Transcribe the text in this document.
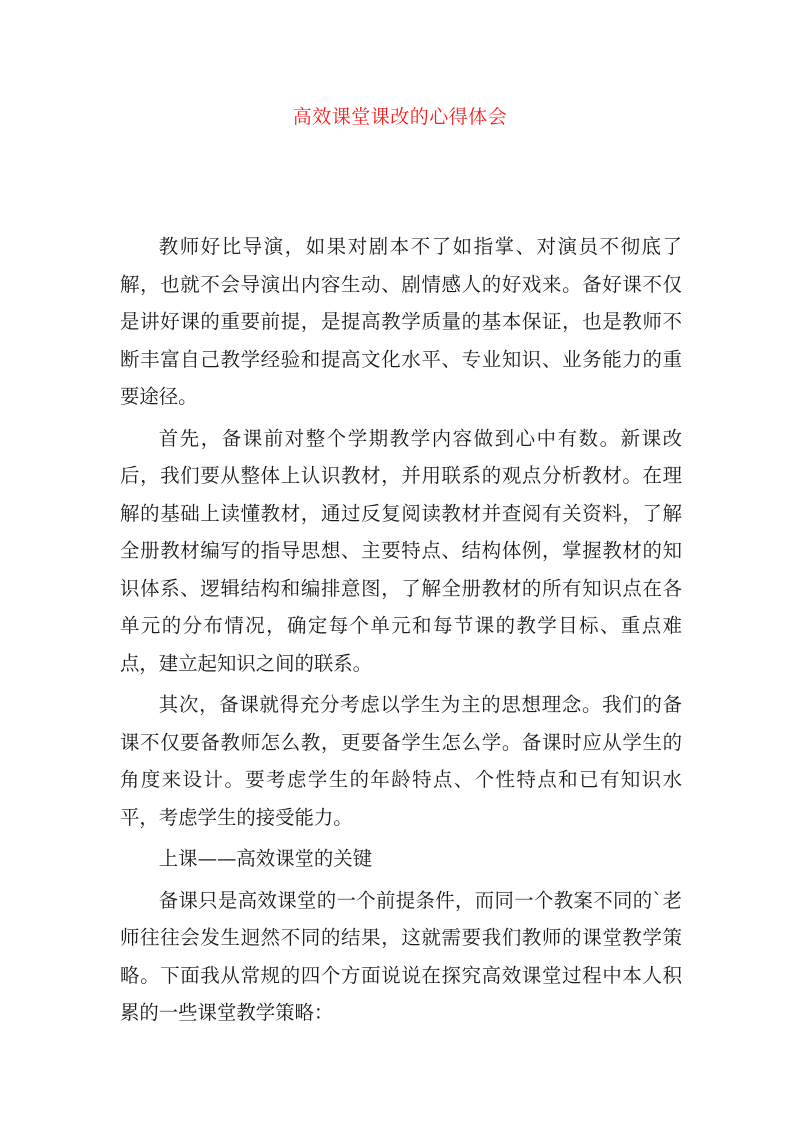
高效课堂课改的心得体会

教师好比导演，如果对剧本不了如指掌、对演员不彻底了解，也就不会导演出内容生动、剧情感人的好戏来。备好课不仅是讲好课的重要前提，是提高教学质量的基本保证，也是教师不断丰富自己教学经验和提高文化水平、专业知识、业务能力的重要途径。

首先，备课前对整个学期教学内容做到心中有数。新课改后，我们要从整体上认识教材，并用联系的观点分析教材。在理解的基础上读懂教材，通过反复阅读教材并查阅有关资料，了解全册教材编写的指导思想、主要特点、结构体例，掌握教材的知识体系、逻辑结构和编排意图，了解全册教材的所有知识点在各单元的分布情况，确定每个单元和每节课的教学目标、重点难点，建立起知识之间的联系。

其次，备课就得充分考虑以学生为主的思想理念。我们的备课不仅要备教师怎么教，更要备学生怎么学。备课时应从学生的角度来设计。要考虑学生的年龄特点、个性特点和已有知识水平，考虑学生的接受能力。

上课——高效课堂的关键

备课只是高效课堂的一个前提条件，而同一个教案不同的`老师往往会发生迥然不同的结果，这就需要我们教师的课堂教学策略。下面我从常规的四个方面说说在探究高效课堂过程中本人积累的一些课堂教学策略：
